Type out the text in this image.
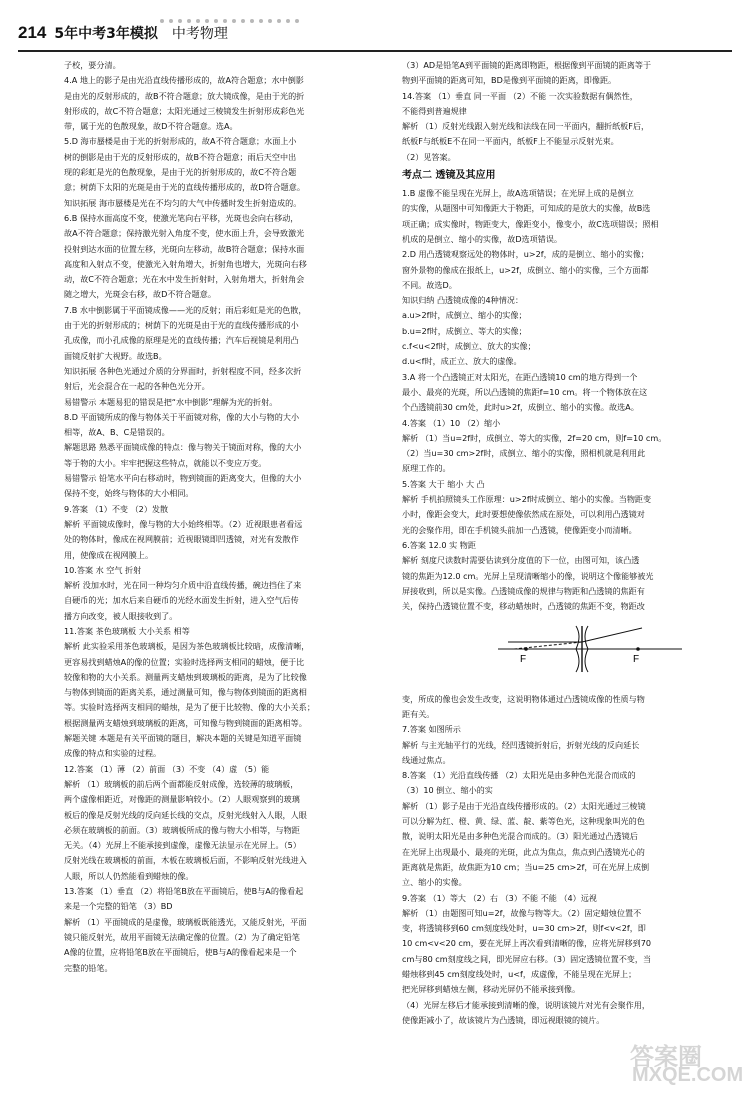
214 5年中考3年模拟 中考物理
子校，要分清。
4.A 地上的影子是由光沿直线传播形成的，故A符合题意；水中倒影
是由光的反射形成的，故B不符合题意；放大镜成像，是由于光的折
射形成的，故C不符合题意；太阳光通过三棱镜发生折射形成彩色光
带，属于光的色散现象，故D不符合题意。选A。
5.D 海市蜃楼是由于光的折射形成的，故A不符合题意；水面上小
树的倒影是由于光的反射形成的，故B不符合题意；雨后天空中出
现的彩虹是光的色散现象，是由于光的折射形成的，故C不符合题
意；树荫下太阳的光斑是由于光的直线传播形成的，故D符合题意。
知识拓展 海市蜃楼是光在不均匀的大气中传播时发生折射造成的。
6.B 保持水面高度不变，使激光笔向右平移，光斑也会向右移动，
故A不符合题意；保持激光射入角度不变，使水面上升，会导致激光
投射到达水面的位置左移，光斑向左移动，故B符合题意；保持水面
高度和入射点不变，使激光入射角增大，折射角也增大，光斑向右移
动，故C不符合题意；光在水中发生折射时，入射角增大，折射角会
随之增大，光斑会右移，故D不符合题意。
7.B 水中倒影属于平面镜成像——光的反射；雨后彩虹是光的色散，
由于光的折射形成的；树荫下的光斑是由于光的直线传播形成的小
孔成像，而小孔成像的原理是光的直线传播；汽车后视镜是利用凸
面镜反射扩大视野。故选B。
知识拓展 各种色光通过介质的分界面时，折射程度不同，经多次折
射后，光会混合在一起的各种色光分开。
易错警示 本题易犯的错误是把“水中倒影”理解为光的折射。
8.D 平面镜所成的像与物体关于平面镜对称，像的大小与物的大小
相等，故A、B、C是错误的。
解题思路 熟悉平面镜成像的特点：像与物关于镜面对称，像的大小
等于物的大小。牢牢把握这些特点，就能以不变应万变。
易错警示 铅笔水平向右移动时，物到镜面的距离变大，但像的大小
保持不变，始终与物体的大小相同。
9.答案 （1）不变 （2）发散
解析 平面镜成像时，像与物的大小始终相等。（2）近视眼患者看远
处的物体时，像成在视网膜前；近视眼镜即凹透镜，对光有发散作
用，使像成在视网膜上。
10.答案 水 空气 折射
解析 没加水时，光在同一种均匀介质中沿直线传播，碗边挡住了来
自硬币的光；加水后来自硬币的光经水面发生折射，进入空气后传
播方向改变，被人眼接收到了。
11.答案 茶色玻璃板 大小关系 相等
解析 此实验采用茶色玻璃板，是因为茶色玻璃板比较暗，成像清晰，
更容易找到蜡烛A的像的位置；实验时选择两支相同的蜡烛，便于比
较像和物的大小关系。测量两支蜡烛到玻璃板的距离，是为了比较像
与物体到镜面的距离关系，通过测量可知，像与物体到镜面的距离相
等。实验时选择两支相同的蜡烛，是为了便于比较物、像的大小关系；
根据测量两支蜡烛到玻璃板的距离，可知像与物到镜面的距离相等。
解题关键 本题是有关平面镜的题目，解决本题的关键是知道平面镜
成像的特点和实验的过程。
12.答案 （1）薄 （2）前面 （3）不变 （4）虚 （5）能
解析 （1）玻璃板的前后两个面都能反射成像，选较薄的玻璃板，
两个虚像相距近，对像距的测量影响较小。（2）人眼观察到的玻璃
板后的像是反射光线的反向延长线的交点，反射光线射入人眼，人眼
必须在玻璃板的前面。（3）玻璃板所成的像与物大小相等，与物距
无关。（4）光屏上不能承接到虚像，虚像无法显示在光屏上。（5）
反射光线在玻璃板的前面，木板在玻璃板后面，不影响反射光线进入
人眼，所以人仍然能看到蜡烛的像。
13.答案 （1）垂直 （2）将铅笔B放在平面镜后，使B与A的像看起
来是一个完整的铅笔 （3）BD
解析 （1）平面镜成的是虚像，玻璃板既能透光，又能反射光，平面
镜只能反射光，故用平面镜无法确定像的位置。（2）为了确定铅笔
A像的位置，应将铅笔B放在平面镜后，使B与A的像看起来是一个
完整的铅笔。
（3）AD是铅笔A到平面镜的距离即物距，根据像到平面镜的距离等于
物到平面镜的距离可知，BD是像到平面镜的距离，即像距。
14.答案 （1）垂直 同一平面 （2）不能 一次实验数据有偶然性，
不能得到普遍规律
解析 （1）反射光线跟入射光线和法线在同一平面内，翻折纸板F后，
纸板F与纸板E不在同一平面内，纸板F上不能显示反射光束。
（2）见答案。
考点二 透镜及其应用
1.B 虚像不能呈现在光屏上，故A选项错误；在光屏上成的是倒立
的实像，从题图中可知像距大于物距，可知成的是放大的实像，故B选
项正确；成实像时，物距变大，像距变小，像变小，故C选项错误；照相
机成的是倒立、缩小的实像，故D选项错误。
2.D 用凸透镜观察远处的物体时，u>2f，成的是倒立、缩小的实像；
窗外景物的像成在报纸上，u>2f，成倒立、缩小的实像，三个方面都
不同。故选D。
知识归纳 凸透镜成像的4种情况：
a.u>2f时，成倒立、缩小的实像；
b.u=2f时，成倒立、等大的实像；
c.f<u<2f时，成倒立、放大的实像；
d.u<f时，成正立、放大的虚像。
3.A 将一个凸透镜正对太阳光，在距凸透镜10 cm的地方得到一个
最小、最亮的光斑，所以凸透镜的焦距f=10 cm。将一个物体放在这
个凸透镜前30 cm处，此时u>2f，成倒立、缩小的实像。故选A。
4.答案 （1）10 （2）缩小
解析 （1）当u=2f时，成倒立、等大的实像，2f=20 cm，则f=10 cm。
（2）当u=30 cm>2f时，成倒立、缩小的实像，照相机就是利用此
原理工作的。
5.答案 大于 缩小 大 凸
解析 手机拍照镜头工作原理：u>2f时成倒立、缩小的实像。当物距变
小时，像距会变大，此时要想使像依然成在原处，可以利用凸透镜对
光的会聚作用，即在手机镜头前加一凸透镜，使像距变小而清晰。
6.答案 12.0 实 物距
解析 刻度尺读数时需要估读到分度值的下一位，由图可知，该凸透
镜的焦距为12.0 cm。光屏上呈现清晰缩小的像，说明这个像能够被光
屏接收到，所以是实像。凸透镜成像的规律与物距和凸透镜的焦距有
关，保持凸透镜位置不变，移动蜡烛时，凸透镜的焦距不变，物距改
F	F
变，所成的像也会发生改变，这说明物体通过凸透镜成像的性质与物
距有关。
7.答案 如图所示
解析 与主光轴平行的光线，经凹透镜折射后，折射光线的反向延长
线通过焦点。
8.答案 （1）光沿直线传播 （2）太阳光是由多种色光混合而成的
（3）10 倒立、缩小的实
解析 （1）影子是由于光沿直线传播形成的。（2）太阳光通过三棱镜
可以分解为红、橙、黄、绿、蓝、靛、紫等色光，这种现象叫光的色
散，说明太阳光是由多种色光混合而成的。（3）阳光通过凸透镜后
在光屏上出现最小、最亮的光斑，此点为焦点，焦点到凸透镜光心的
距离就是焦距，故焦距为10 cm；当u=25 cm>2f，可在光屏上成倒
立、缩小的实像。
9.答案 （1）等大 （2）右 （3）不能 不能 （4）远视
解析 （1）由题图可知u=2f，故像与物等大。（2）固定蜡烛位置不
变，将透镜移到60 cm刻度线处时，u=30 cm>2f，则f<v<2f，即
10 cm<v<20 cm，要在光屏上再次看到清晰的像，应将光屏移到70
cm与80 cm刻度线之间，即光屏应右移。（3）固定透镜位置不变，当
蜡烛移到45 cm刻度线处时，u<f，成虚像，不能呈现在光屏上；
把光屏移到蜡烛左侧，移动光屏仍不能承接到像。
（4）光屏左移后才能承接到清晰的像，说明该镜片对光有会聚作用，
使像距减小了，故该镜片为凸透镜，即远视眼镜的镜片。
答案圈
MXQE.COM
